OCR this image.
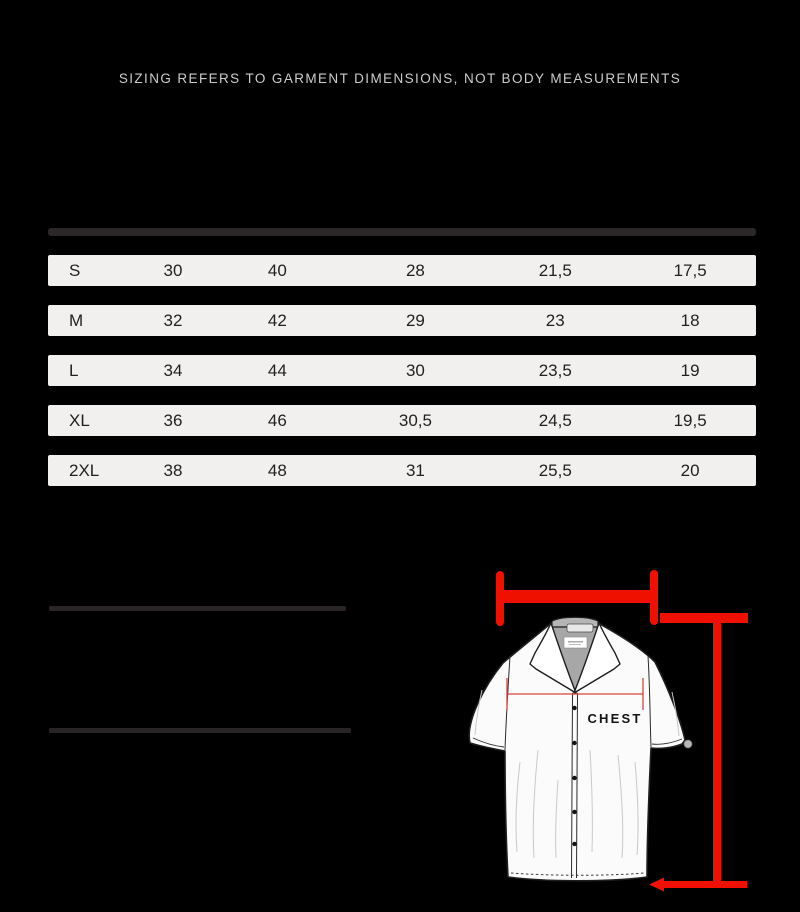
SIZING REFERS TO GARMENT DIMENSIONS, NOT BODY MEASUREMENTS
S	30	40	28	21,5	17,5
M	32	42	29	23	18
L	34	44	30	23,5	19
XL	36	46	30,5	24,5	19,5
2XL	38	48	31	25,5	20
CHEST
